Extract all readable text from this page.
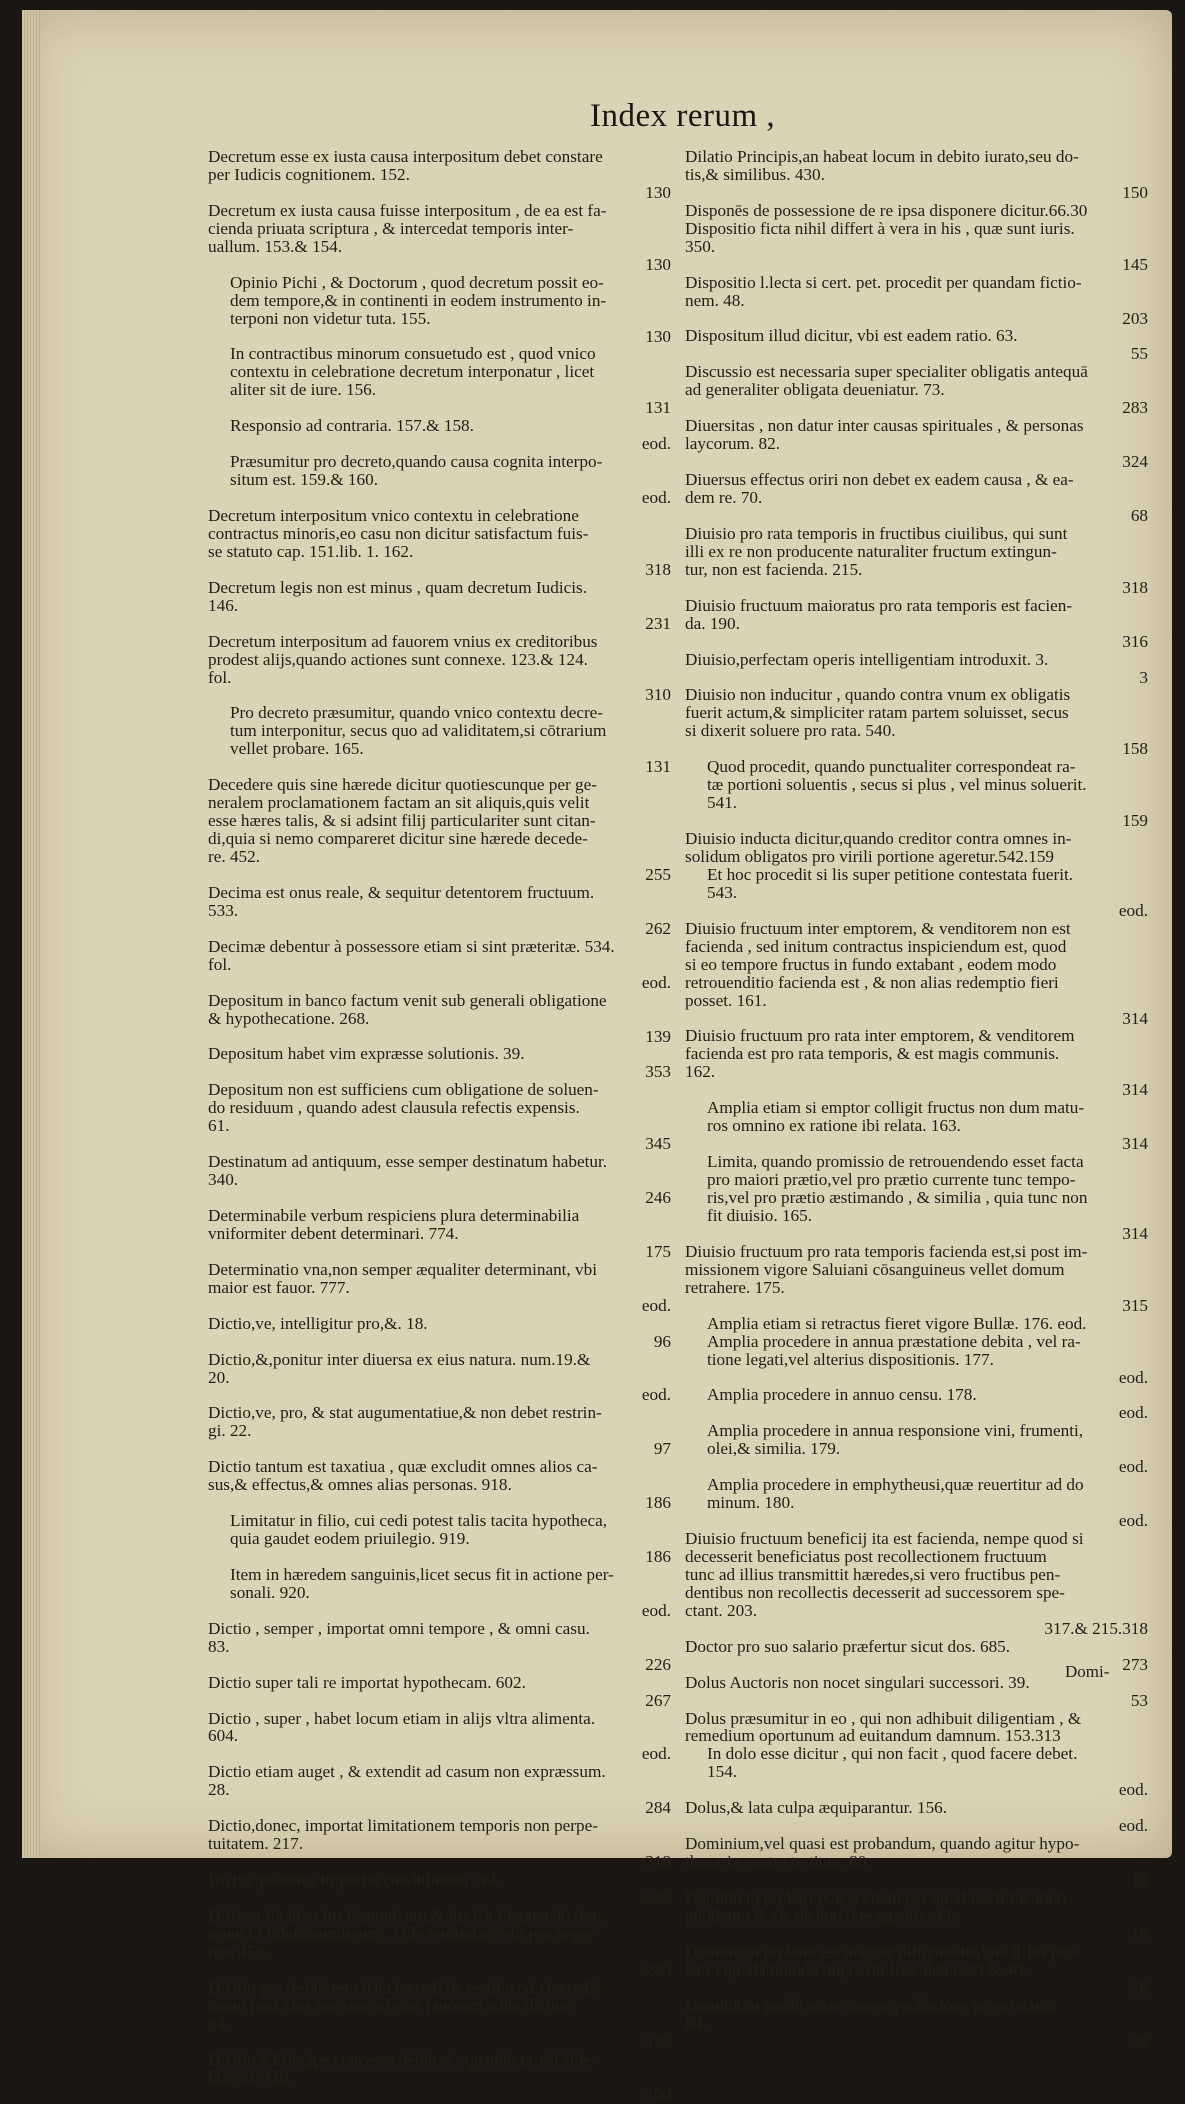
Index rerum ,
Decretum esse ex iusta causa interpositum debet constare
per Iudicis cognitionem. 152.
130
Decretum ex iusta causa fuisse interpositum , de ea est fa-
cienda priuata scriptura , & intercedat temporis inter-
uallum. 153.& 154.
130
Opinio Pichi , & Doctorum , quod decretum possit eo-
dem tempore,& in continenti in eodem instrumento in-
terponi non videtur tuta. 155.
130
In contractibus minorum consuetudo est , quod vnico
contextu in celebratione decretum interponatur , licet
aliter sit de iure. 156.
131
Responsio ad contraria. 157.& 158.
eod.
Præsumitur pro decreto,quando causa cognita interpo-
situm est. 159.& 160.
eod.
Decretum interpositum vnico contextu in celebratione
contractus minoris,eo casu non dicitur satisfactum fuis-
se statuto cap. 151.lib. 1. 162.
318
Decretum legis non est minus , quam decretum Iudicis.
146.
231
Decretum interpositum ad fauorem vnius ex creditoribus
prodest alijs,quando actiones sunt connexe. 123.& 124.
fol.
310
Pro decreto præsumitur, quando vnico contextu decre-
tum interponitur, secus quo ad validitatem,si cōtrarium
vellet probare. 165.
131
Decedere quis sine hærede dicitur quotiescunque per ge-
neralem proclamationem factam an sit aliquis,quis velit
esse hæres talis, & si adsint filij particulariter sunt citan-
di,quia si nemo compareret dicitur sine hærede decede-
re. 452.
255
Decima est onus reale, & sequitur detentorem fructuum.
533.
262
Decimæ debentur à possessore etiam si sint præteritæ. 534.
fol.
eod.
Depositum in banco factum venit sub generali obligatione
& hypothecatione. 268.
139
Depositum habet vim expræsse solutionis. 39.
353
Depositum non est sufficiens cum obligatione de soluen-
do residuum , quando adest clausula refectis expensis.
61.
345
Destinatum ad antiquum, esse semper destinatum habetur.
340.
246
Determinabile verbum respiciens plura determinabilia
vniformiter debent determinari. 774.
175
Determinatio vna,non semper æqualiter determinant, vbi
maior est fauor. 777.
eod.
Dictio,ve, intelligitur pro,&. 18.
96
Dictio,&,ponitur inter diuersa ex eius natura. num.19.&
20.
eod.
Dictio,ve, pro, & stat augumentatiue,& non debet restrin-
gi. 22.
97
Dictio tantum est taxatiua , quæ excludit omnes alios ca-
sus,& effectus,& omnes alias personas. 918.
186
Limitatur in filio, cui cedi potest talis tacita hypotheca,
quia gaudet eodem priuilegio. 919.
186
Item in hæredem sanguinis,licet secus fit in actione per-
sonali. 920.
eod.
Dictio , semper , importat omni tempore , & omni casu.
83.
226
Dictio super tali re importat hypothecam. 602.
267
Dictio , super , habet locum etiam in alijs vltra alimenta.
604.
eod.
Dictio etiam auget , & extendit ad casum non expræssum.
28.
284
Dictio,donec, importat limitationem temporis non perpe-
tuitatem. 217.
318
Dictio quatenus importat conditionem. 40.
325
Differentia inter ius Canonicum,& ius Ciuile,quando tran
seunt in fideicommissum , vide remissiue, vbi pro nega-
tiua 459.
286
Dilatio per testatorem data hæredi de restituendo hæredi-
tatem post eius mortem ad eius fauorem adita dicitur.
94.
125
Dilatio à Principe concessa debitori , quando prosit fide-
iussori. 429.
150
Dilatio Principis,an habeat locum in debito iurato,seu do-
tis,& similibus. 430.
150
Disponēs de possessione de re ipsa disponere dicitur.66.30
Dispositio ficta nihil differt à vera in his , quæ sunt iuris.
350.
145
Dispositio l.lecta si cert. pet. procedit per quandam fictio-
nem. 48.
203
Dispositum illud dicitur, vbi est eadem ratio. 63.
55
Discussio est necessaria super specialiter obligatis antequā
ad generaliter obligata deueniatur. 73.
283
Diuersitas , non datur inter causas spirituales , & personas
laycorum. 82.
324
Diuersus effectus oriri non debet ex eadem causa , & ea-
dem re. 70.
68
Diuisio pro rata temporis in fructibus ciuilibus, qui sunt
illi ex re non producente naturaliter fructum extingun-
tur, non est facienda. 215.
318
Diuisio fructuum maioratus pro rata temporis est facien-
da. 190.
316
Diuisio,perfectam operis intelligentiam introduxit. 3.
3
Diuisio non inducitur , quando contra vnum ex obligatis
fuerit actum,& simpliciter ratam partem soluisset, secus
si dixerit soluere pro rata. 540.
158
Quod procedit, quando punctualiter correspondeat ra-
tæ portioni soluentis , secus si plus , vel minus soluerit.
541.
159
Diuisio inducta dicitur,quando creditor contra omnes in-
solidum obligatos pro virili portione ageretur.542.159
Et hoc procedit si lis super petitione contestata fuerit.
543.
eod.
Diuisio fructuum inter emptorem, & venditorem non est
facienda , sed initum contractus inspiciendum est, quod
si eo tempore fructus in fundo extabant , eodem modo
retrouenditio facienda est , & non alias redemptio fieri
posset. 161.
314
Diuisio fructuum pro rata inter emptorem, & venditorem
facienda est pro rata temporis, & est magis communis.
162.
314
Amplia etiam si emptor colligit fructus non dum matu-
ros omnino ex ratione ibi relata. 163.
314
Limita, quando promissio de retrouendendo esset facta
pro maiori prætio,vel pro prætio currente tunc tempo-
ris,vel pro prætio æstimando , & similia , quia tunc non
fit diuisio. 165.
314
Diuisio fructuum pro rata temporis facienda est,si post im-
missionem vigore Saluiani cōsanguineus vellet domum
retrahere. 175.
315
Amplia etiam si retractus fieret vigore Bullæ. 176. eod.
Amplia procedere in annua præstatione debita , vel ra-
tione legati,vel alterius dispositionis. 177.
eod.
Amplia procedere in annuo censu. 178.
eod.
Amplia procedere in annua responsione vini, frumenti,
olei,& similia. 179.
eod.
Amplia procedere in emphytheusi,quæ reuertitur ad do
minum. 180.
eod.
Diuisio fructuum beneficij ita est facienda, nempe quod si
decesserit beneficiatus post recollectionem fructuum
tunc ad illius transmittit hæredes,si vero fructibus pen-
dentibus non recollectis decesserit ad successorem spe-
ctant. 203.
317.& 215.318
Doctor pro suo salario præfertur sicut dos. 685.
273
Dolus Auctoris non nocet singulari successori. 39.
53
Dolus præsumitur in eo , qui non adhibuit diligentiam , &
remedium oportunum ad euitandum damnum. 153.313
In dolo esse dicitur , qui non facit , quod facere debet.
154.
eod.
Dolus,& lata culpa æquiparantur. 156.
eod.
Dominium,vel quasi est probandum, quando agitur hypo-
thecaria contra tertium. 80.
13
Dominium probari potest etiam per aliud instrumentum
publicum,& sic de non iure agentis. 43.
18
Dominium probare est magnæ difficultatis,imò illius pro-
batio quodammodo impossibilis videtur. 29.& 40.
28
Dominium perdit actor carens probatione proprietatis.
64.
39
Domi-
